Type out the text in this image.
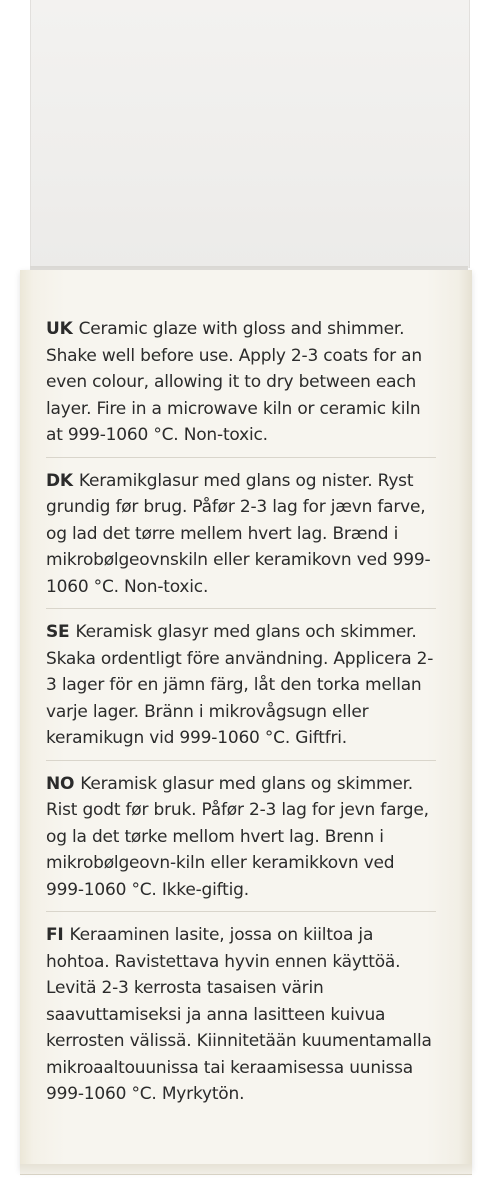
UK Ceramic glaze with gloss and shimmer. Shake well before use. Apply 2-3 coats for an even colour, allowing it to dry between each layer. Fire in a microwave kiln or ceramic kiln at 999-1060 °C. Non-toxic.
DK Keramikglasur med glans og nister. Ryst grundig før brug. Påfør 2-3 lag for jævn farve, og lad det tørre mellem hvert lag. Brænd i mikrobølgeovnskiln eller keramikovn ved 999-1060 °C. Non-toxic.
SE Keramisk glasyr med glans och skimmer. Skaka ordentligt före användning. Applicera 2-3 lager för en jämn färg, låt den torka mellan varje lager. Bränn i mikrovågsugn eller keramikugn vid 999-1060 °C. Giftfri.
NO Keramisk glasur med glans og skimmer. Rist godt før bruk. Påfør 2-3 lag for jevn farge, og la det tørke mellom hvert lag. Brenn i mikrobølgeovn-kiln eller keramikkovn ved 999-1060 °C. Ikke-giftig.
FI Keraaminen lasite, jossa on kiiltoa ja hohtoa. Ravistettava hyvin ennen käyttöä. Levitä 2-3 kerrosta tasaisen värin saavuttamiseksi ja anna lasitteen kuivua kerrosten välissä. Kiinnitetään kuumentamalla mikroaaltouunissa tai keraamisessa uunissa 999-1060 °C. Myrkytön.
